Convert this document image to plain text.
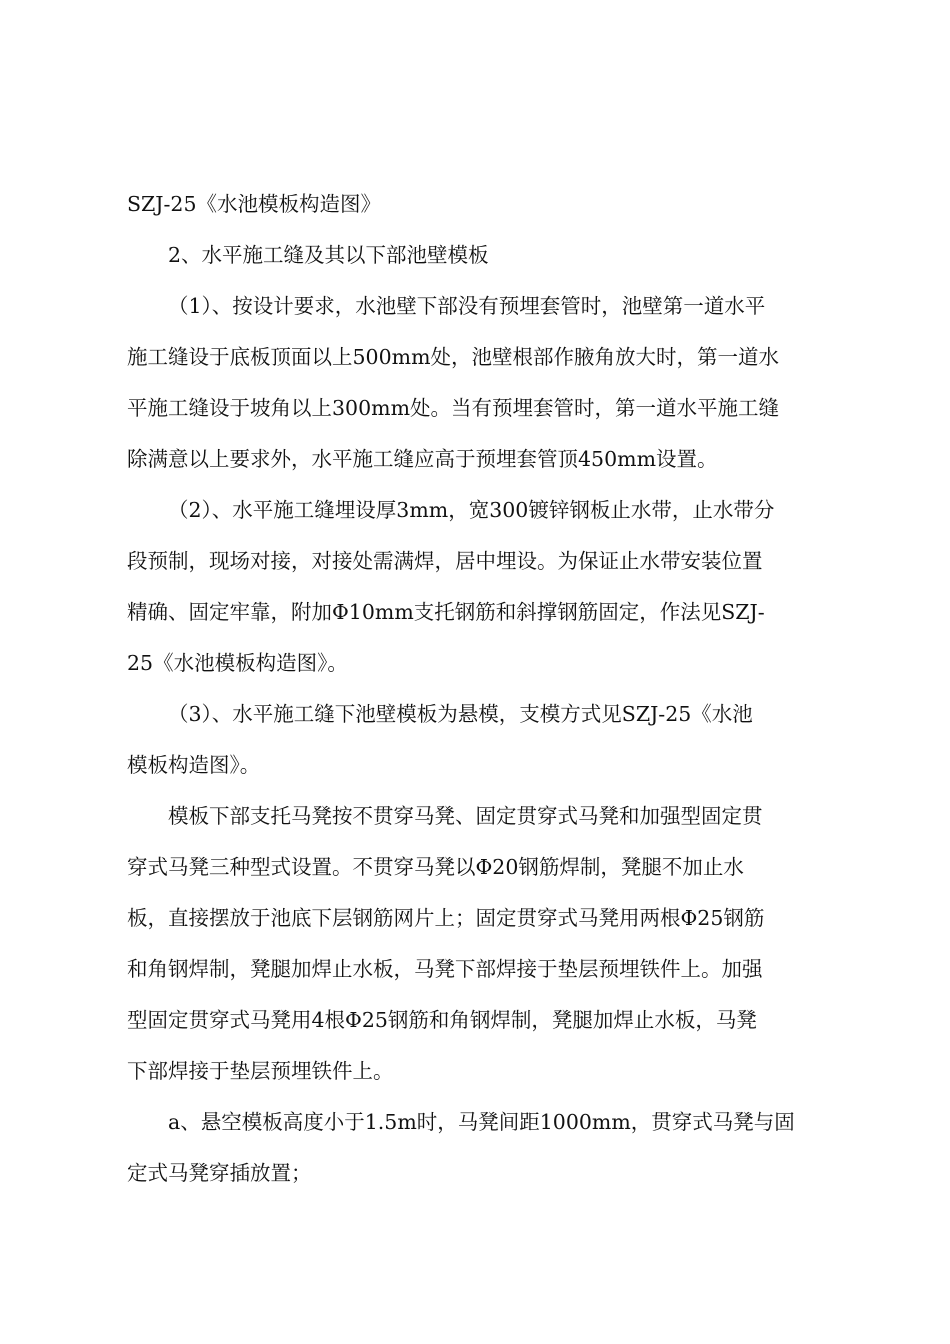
SZJ-25《水池模板构造图》
2、水平施工缝及其以下部池壁模板
（1）、按设计要求，水池壁下部没有预埋套管时，池壁第一道水平
施工缝设于底板顶面以上500mm处，池壁根部作腋角放大时，第一道水
平施工缝设于坡角以上300mm处。当有预埋套管时，第一道水平施工缝
除满意以上要求外，水平施工缝应高于预埋套管顶450mm设置。
（2）、水平施工缝埋设厚3mm，宽300镀锌钢板止水带，止水带分
段预制，现场对接，对接处需满焊，居中埋设。为保证止水带安装位置
精确、固定牢靠，附加Φ10mm支托钢筋和斜撑钢筋固定，作法见SZJ-
25《水池模板构造图》。
（3）、水平施工缝下池壁模板为悬模，支模方式见SZJ-25《水池
模板构造图》。
模板下部支托马凳按不贯穿马凳、固定贯穿式马凳和加强型固定贯
穿式马凳三种型式设置。不贯穿马凳以Φ20钢筋焊制，凳腿不加止水
板，直接摆放于池底下层钢筋网片上；固定贯穿式马凳用两根Φ25钢筋
和角钢焊制，凳腿加焊止水板，马凳下部焊接于垫层预埋铁件上。加强
型固定贯穿式马凳用4根Φ25钢筋和角钢焊制，凳腿加焊止水板，马凳
下部焊接于垫层预埋铁件上。
a、悬空模板高度小于1.5m时，马凳间距1000mm，贯穿式马凳与固
定式马凳穿插放置；
